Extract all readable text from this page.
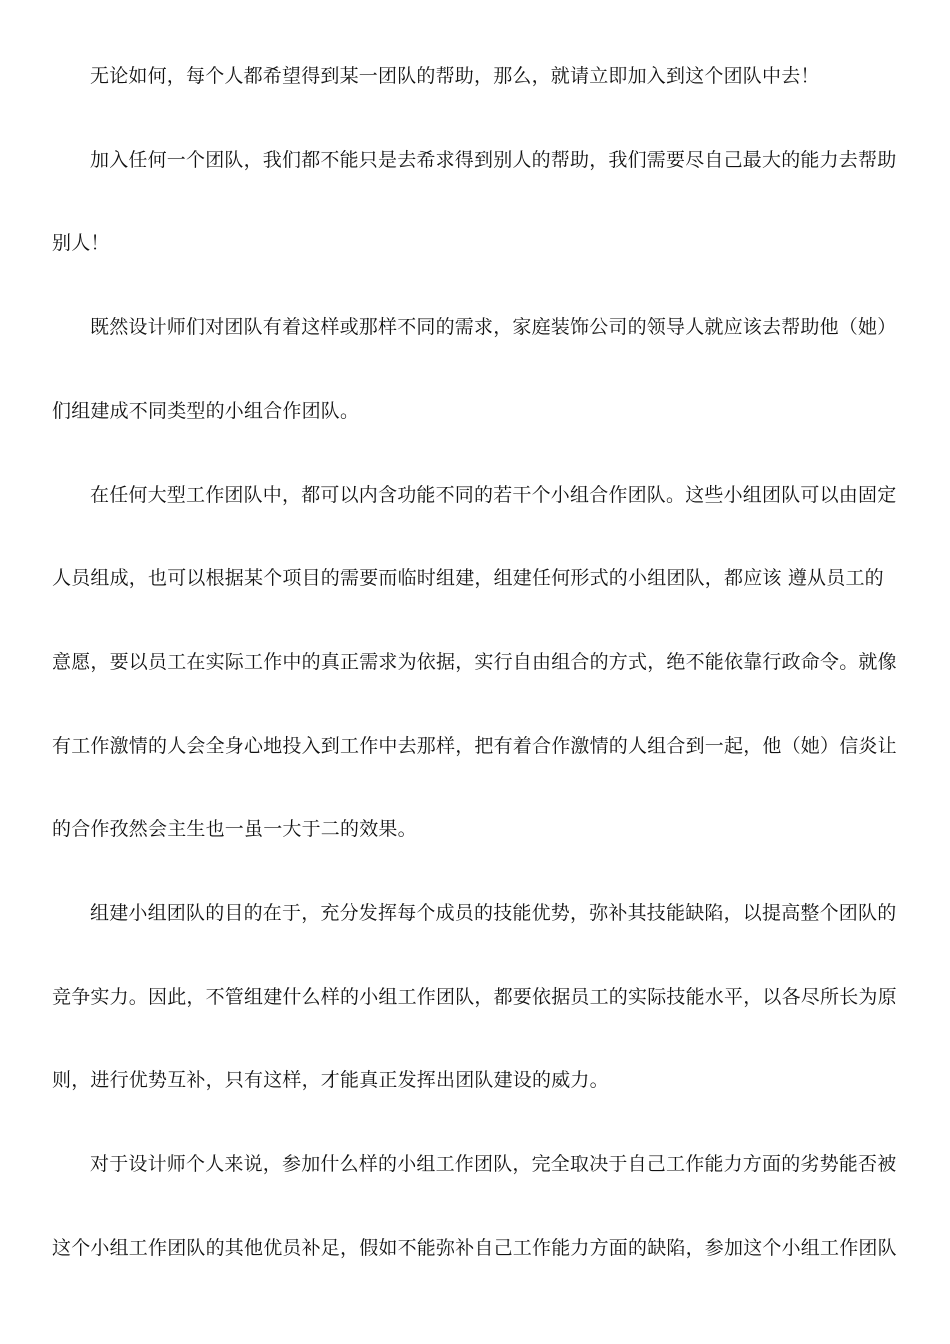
无论如何，每个人都希望得到某一团队的帮助，那么，就请立即加入到这个团队中去！
加入任何一个团队，我们都不能只是去希求得到别人的帮助，我们需要尽自己最大的能力去帮助
别人！
既然设计师们对团队有着这样或那样不同的需求，家庭装饰公司的领导人就应该去帮助他（她）
们组建成不同类型的小组合作团队。
在任何大型工作团队中，都可以内含功能不同的若干个小组合作团队。这些小组团队可以由固定
人员组成，也可以根据某个项目的需要而临时组建，组建任何形式的小组团队，都应该 遵从员工的
意愿，要以员工在实际工作中的真正需求为依据，实行自由组合的方式，绝不能依靠行政命令。就像
有工作激情的人会全身心地投入到工作中去那样，把有着合作激情的人组合到一起，他（她）信炎让
的合作孜然会主生也一虽一大于二的效果。
组建小组团队的目的在于，充分发挥每个成员的技能优势，弥补其技能缺陷，以提高整个团队的
竞争实力。因此，不管组建什么样的小组工作团队，都要依据员工的实际技能水平，以各尽所长为原
则，进行优势互补，只有这样，才能真正发挥出团队建设的威力。
对于设计师个人来说，参加什么样的小组工作团队，完全取决于自己工作能力方面的劣势能否被
这个小组工作团队的其他优员补足，假如不能弥补自己工作能力方面的缺陷，参加这个小组工作团队
